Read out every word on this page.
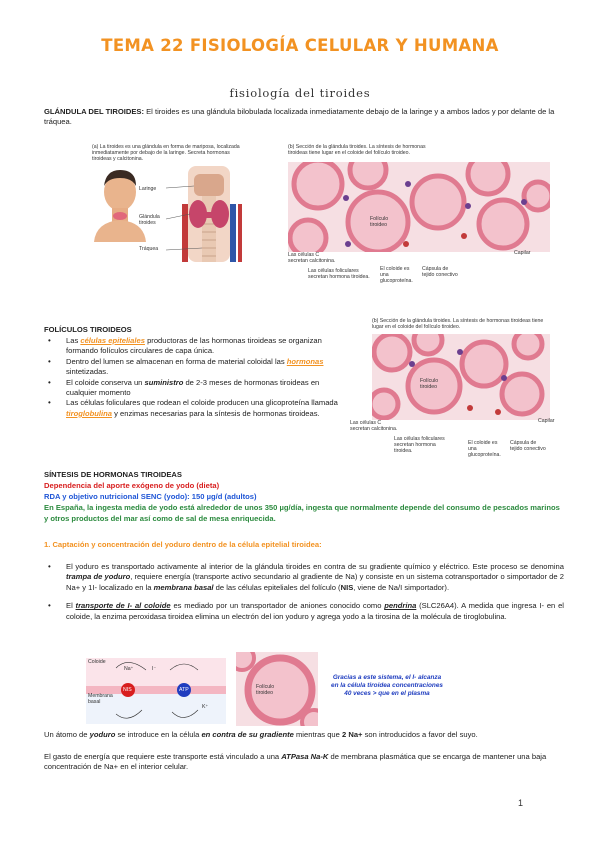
TEMA 22 FISIOLOGÍA CELULAR Y HUMANA
fisiología del tiroides
GLÁNDULA DEL TIROIDES: El tiroides es una glándula bilobulada localizada inmediatamente debajo de la laringe y a ambos lados y por delante de la tráquea.
(a) La tiroides es una glándula en forma de mariposa, localizada inmediatamente por debajo de la laringe. Secreta hormonas tiroideas y calcitonina.
Laringe
Glándula tiroides
Tráquea
(b) Sección de la glándula tiroides. La síntesis de hormonas tiroideas tiene lugar en el coloide del folículo tiroideo.
Folículo tiroideo
Las células C secretan calcitonina.
Las células foliculares secretan hormona tiroidea.
El coloide es una glucoproteína.
Capilar
Cápsula de tejido conectivo
FOLÍCULOS TIROIDEOS
• Las células epiteliales productoras de las hormonas tiroideas se organizan formando folículos circulares de capa única.
• Dentro del lumen se almacenan en forma de material coloidal las hormonas sintetizadas.
• El coloide conserva un suministro de 2-3 meses de hormonas tiroideas en cualquier momento
• Las células foliculares que rodean el coloide producen una glicoproteína llamada tiroglobulina y enzimas necesarias para la síntesis de hormonas tiroideas.
(b) Sección de la glándula tiroides. La síntesis de hormonas tiroideas tiene lugar en el coloide del folículo tiroideo.
Folículo tiroideo
Las células C secretan calcitonina.
Las células foliculares secretan hormona tiroidea.
El coloide es una glucoproteína.
Capilar
Cápsula de tejido conectivo
SÍNTESIS DE HORMONAS TIROIDEAS
Dependencia del aporte exógeno de yodo (dieta)
RDA y objetivo nutricional SENC (yodo): 150 µg/d (adultos)
En España, la ingesta media de yodo está alrededor de unos 350 µg/día, ingesta que normalmente depende del consumo de pescados marinos y otros productos del mar así como de sal de mesa enriquecida.
1. Captación y concentración del yoduro dentro de la célula epitelial tiroidea:
• El yoduro es transportado activamente al interior de la glándula tiroides en contra de su gradiente químico y eléctrico. Este proceso se denomina trampa de yoduro, requiere energía (transporte activo secundario al gradiente de Na) y consiste en un sistema cotransportador o simportador de 2 Na+ y 1I- localizado en la membrana basal de las células epiteliales del folículo (NIS, viene de Na/I simportador).
• El transporte de I- al coloide es mediado por un transportador de aniones conocido como pendrina (SLC26A4). A medida que ingresa I- en el coloide, la enzima peroxidasa tiroidea elimina un electrón del ion yoduro y agrega yodo a la tirosina de la molécula de tiroglobulina.
Coloide
Membrana basal
Na⁺	I⁻
K⁺
NIS	ATP	Folículo tiroideo
Gracias a este sistema, el I- alcanza en la célula tiroidea concentraciones 40 veces > que en el plasma
Un átomo de yoduro se introduce en la célula en contra de su gradiente mientras que 2 Na+ son introducidos a favor del suyo.
El gasto de energía que requiere este transporte está vinculado a una ATPasa Na-K de membrana plasmática que se encarga de mantener una baja concentración de Na+ en el interior celular.
1
